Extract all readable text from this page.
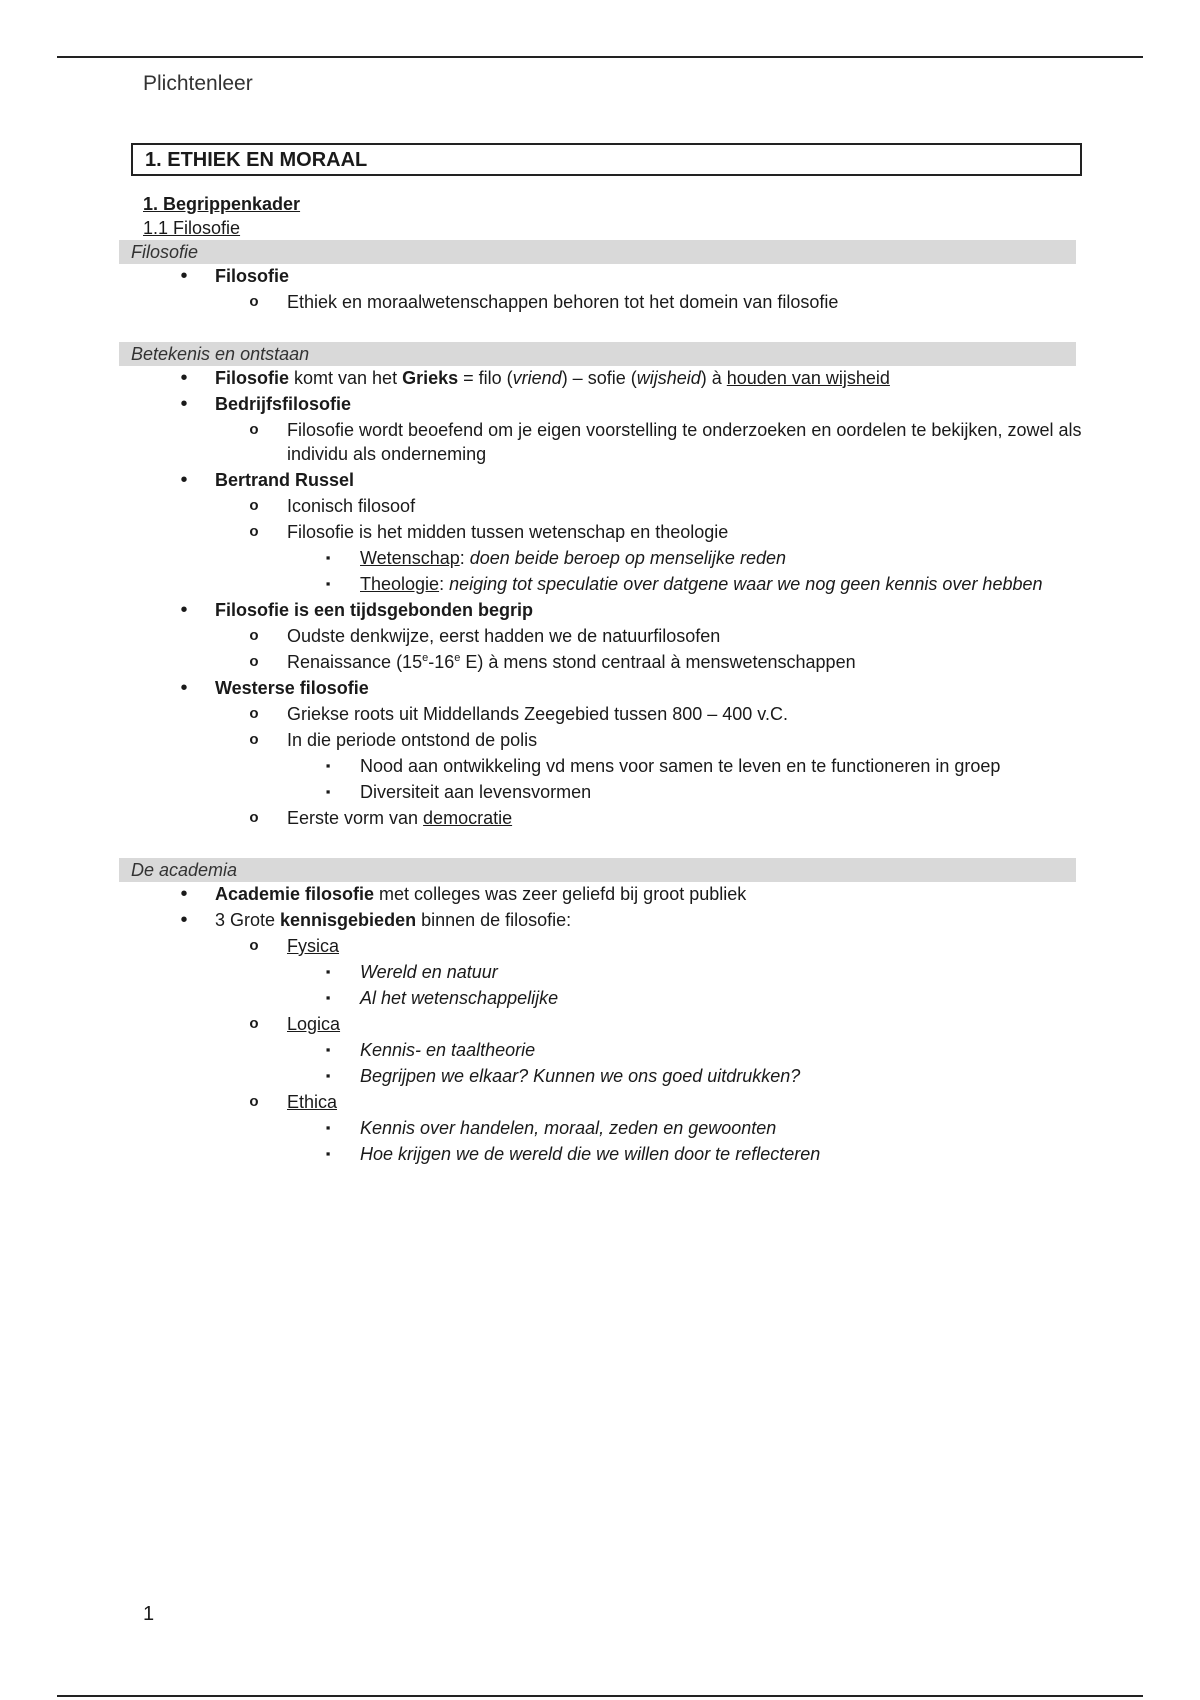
Plichtenleer
1. ETHIEK EN MORAAL
1. Begrippenkader
1.1 Filosofie
Filosofie
• Filosofie
o Ethiek en moraalwetenschappen behoren tot het domein van filosofie
Betekenis en ontstaan
• Filosofie komt van het Grieks = filo (vriend) – sofie (wijsheid) à houden van wijsheid
• Bedrijfsfilosofie
o Filosofie wordt beoefend om je eigen voorstelling te onderzoeken en oordelen te bekijken, zowel als individu als onderneming
• Bertrand Russel
o Iconisch filosoof
o Filosofie is het midden tussen wetenschap en theologie
▪ Wetenschap: doen beide beroep op menselijke reden
▪ Theologie: neiging tot speculatie over datgene waar we nog geen kennis over hebben
• Filosofie is een tijdsgebonden begrip
o Oudste denkwijze, eerst hadden we de natuurfilosofen
o Renaissance (15e-16e E) à mens stond centraal à menswetenschappen
• Westerse filosofie
o Griekse roots uit Middellands Zeegebied tussen 800 – 400 v.C.
o In die periode ontstond de polis
▪ Nood aan ontwikkeling vd mens voor samen te leven en te functioneren in groep
▪ Diversiteit aan levensvormen
o Eerste vorm van democratie
De academia
• Academie filosofie met colleges was zeer geliefd bij groot publiek
• 3 Grote kennisgebieden binnen de filosofie:
o Fysica
▪ Wereld en natuur
▪ Al het wetenschappelijke
o Logica
▪ Kennis- en taaltheorie
▪ Begrijpen we elkaar? Kunnen we ons goed uitdrukken?
o Ethica
▪ Kennis over handelen, moraal, zeden en gewoonten
▪ Hoe krijgen we de wereld die we willen door te reflecteren
1
